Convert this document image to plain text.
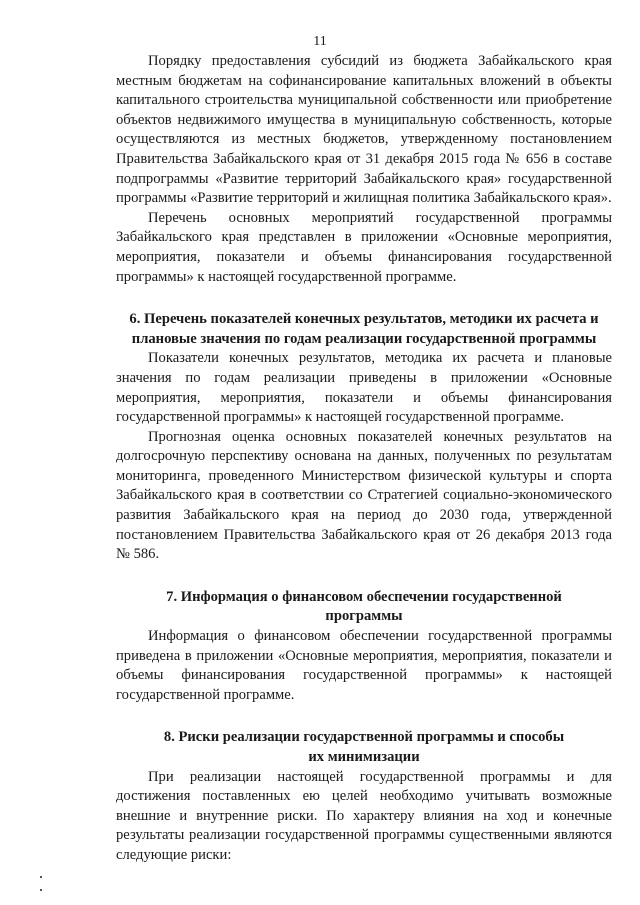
11

Порядку предоставления субсидий из бюджета Забайкальского края местным бюджетам на софинансирование капитальных вложений в объекты капитального строительства муниципальной собственности или приобретение объектов недвижимого имущества в муниципальную собственность, которые осуществляются из местных бюджетов, утвержденному постановлением Правительства Забайкальского края от 31 декабря 2015 года № 656 в составе подпрограммы «Развитие территорий Забайкальского края» государственной программы «Развитие территорий и жилищная политика Забайкальского края».

Перечень основных мероприятий государственной программы Забайкальского края представлен в приложении «Основные мероприятия, мероприятия, показатели и объемы финансирования государственной программы» к настоящей государственной программе.

6. Перечень показателей конечных результатов, методики их расчета и плановые значения по годам реализации государственной программы

Показатели конечных результатов, методика их расчета и плановые значения по годам реализации приведены в приложении «Основные мероприятия, мероприятия, показатели и объемы финансирования государственной программы» к настоящей государственной программе.

Прогнозная оценка основных показателей конечных результатов на долгосрочную перспективу основана на данных, полученных по результатам мониторинга, проведенного Министерством физической культуры и спорта Забайкальского края в соответствии со Стратегией социально-экономического развития Забайкальского края на период до 2030 года, утвержденной постановлением Правительства Забайкальского края от 26 декабря 2013 года № 586.

7. Информация о финансовом обеспечении государственной программы

Информация о финансовом обеспечении государственной программы приведена в приложении «Основные мероприятия, мероприятия, показатели и объемы финансирования государственной программы» к настоящей государственной программе.

8. Риски реализации государственной программы и способы их минимизации

При реализации настоящей государственной программы и для достижения поставленных ею целей необходимо учитывать возможные внешние и внутренние риски. По характеру влияния на ход и конечные результаты реализации государственной программы существенными являются следующие риски:
